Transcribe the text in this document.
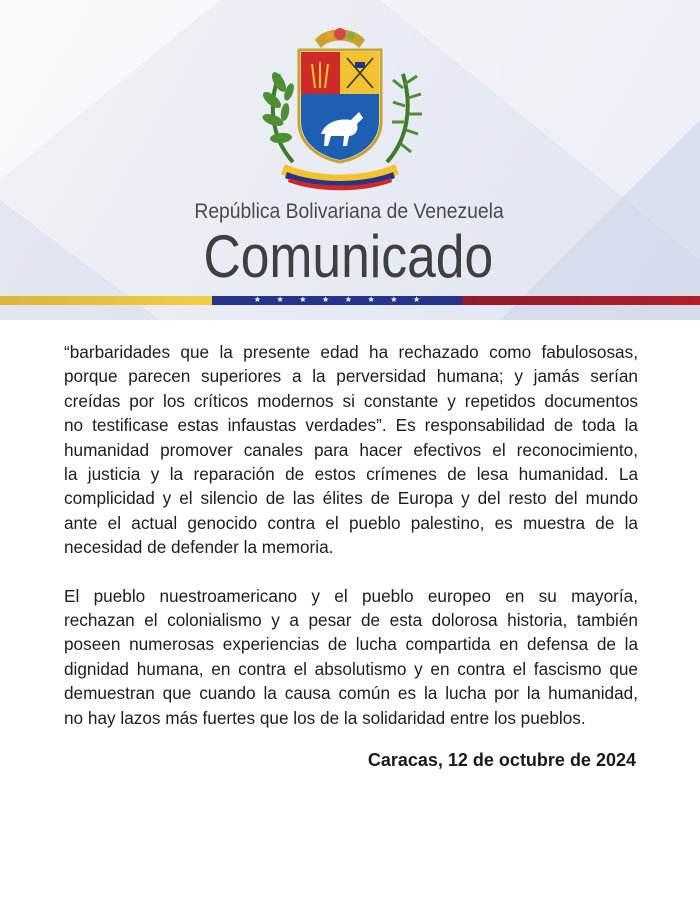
República Bolivariana de Venezuela
Comunicado
★ ★ ★ ★ ★ ★ ★ ★
“barbaridades que la presente edad ha rechazado como fabulososas,
porque parecen superiores a la perversidad humana; y jamás serían
creídas por los críticos modernos si constante y repetidos documentos
no testificase estas infaustas verdades”. Es responsabilidad de toda la
humanidad promover canales para hacer efectivos el reconocimiento,
la justicia y la reparación de estos crímenes de lesa humanidad. La
complicidad y el silencio de las élites de Europa y del resto del mundo
ante el actual genocido contra el pueblo palestino, es muestra de la
necesidad de defender la memoria.
El pueblo nuestroamericano y el pueblo europeo en su mayoría,
rechazan el colonialismo y a pesar de esta dolorosa historia, también
poseen numerosas experiencias de lucha compartida en defensa de la
dignidad humana, en contra el absolutismo y en contra el fascismo que
demuestran que cuando la causa común es la lucha por la humanidad,
no hay lazos más fuertes que los de la solidaridad entre los pueblos.
Caracas, 12 de octubre de 2024
